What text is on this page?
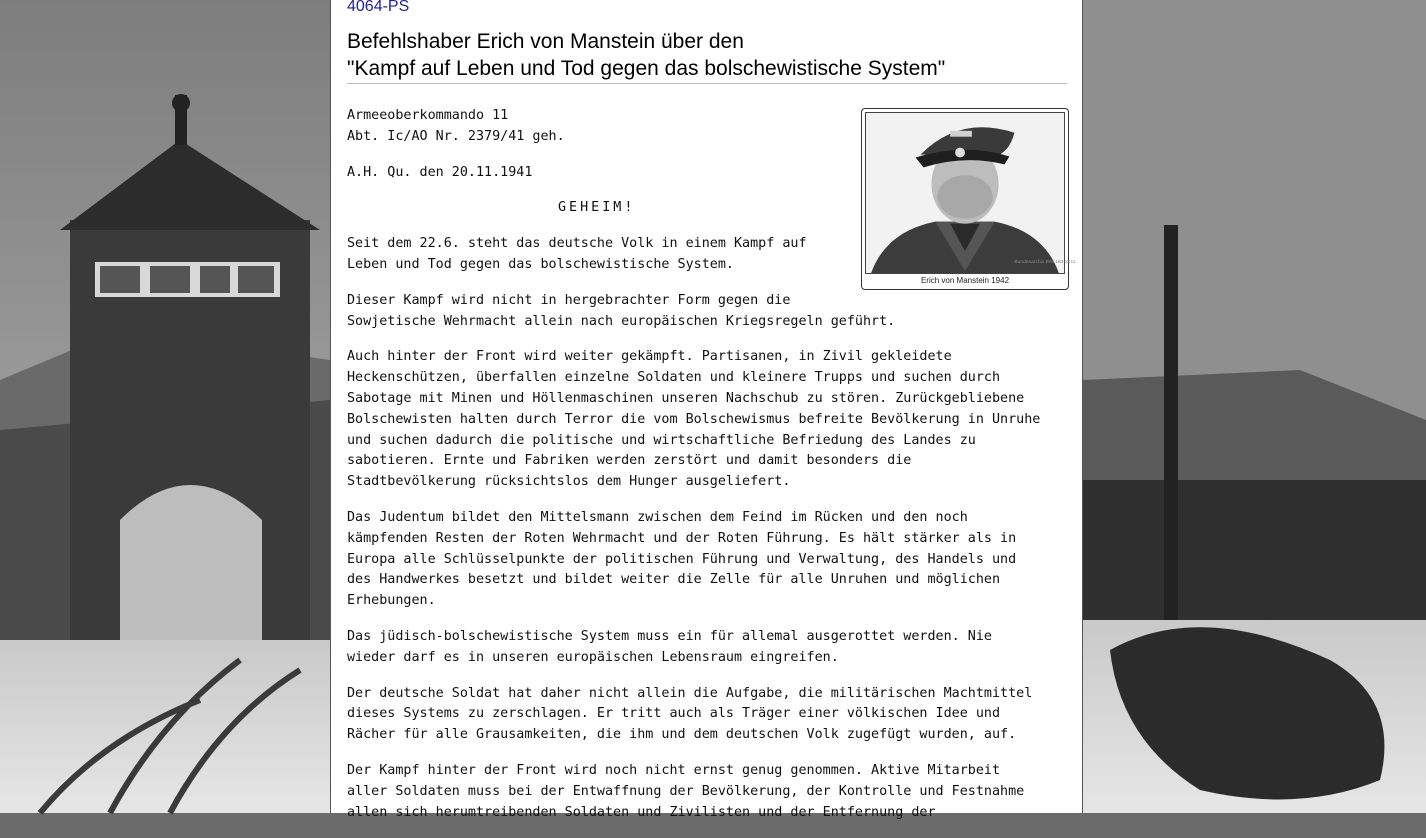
4064-PS
Befehlshaber Erich von Manstein über den
"Kampf auf Leben und Tod gegen das bolschewistische System"
Bundesarchiv Bild 183-2011
Erich von Manstein 1942

Armeeoberkommando 11
Abt. Ic/AO Nr. 2379/41 geh.

A.H. Qu. den 20.11.1941

GEHEIM!

Seit dem 22.6. steht das deutsche Volk in einem Kampf auf
Leben und Tod gegen das bolschewistische System.

Dieser Kampf wird nicht in hergebrachter Form gegen die
Sowjetische Wehrmacht allein nach europäischen Kriegsregeln geführt.

Auch hinter der Front wird weiter gekämpft. Partisanen, in Zivil gekleidete
Heckenschützen, überfallen einzelne Soldaten und kleinere Trupps und suchen durch
Sabotage mit Minen und Höllenmaschinen unseren Nachschub zu stören. Zurückgebliebene
Bolschewisten halten durch Terror die vom Bolschewismus befreite Bevölkerung in Unruhe
und suchen dadurch die politische und wirtschaftliche Befriedung des Landes zu
sabotieren. Ernte und Fabriken werden zerstört und damit besonders die
Stadtbevölkerung rücksichtslos dem Hunger ausgeliefert.

Das Judentum bildet den Mittelsmann zwischen dem Feind im Rücken und den noch
kämpfenden Resten der Roten Wehrmacht und der Roten Führung. Es hält stärker als in
Europa alle Schlüsselpunkte der politischen Führung und Verwaltung, des Handels und
des Handwerkes besetzt und bildet weiter die Zelle für alle Unruhen und möglichen
Erhebungen.

Das jüdisch-bolschewistische System muss ein für allemal ausgerottet werden. Nie
wieder darf es in unseren europäischen Lebensraum eingreifen.

Der deutsche Soldat hat daher nicht allein die Aufgabe, die militärischen Machtmittel
dieses Systems zu zerschlagen. Er tritt auch als Träger einer völkischen Idee und
Rächer für alle Grausamkeiten, die ihm und dem deutschen Volk zugefügt wurden, auf.

Der Kampf hinter der Front wird noch nicht ernst genug genommen. Aktive Mitarbeit
aller Soldaten muss bei der Entwaffnung der Bevölkerung, der Kontrolle und Festnahme
allen sich herumtreibenden Soldaten und Zivilisten und der Entfernung der
